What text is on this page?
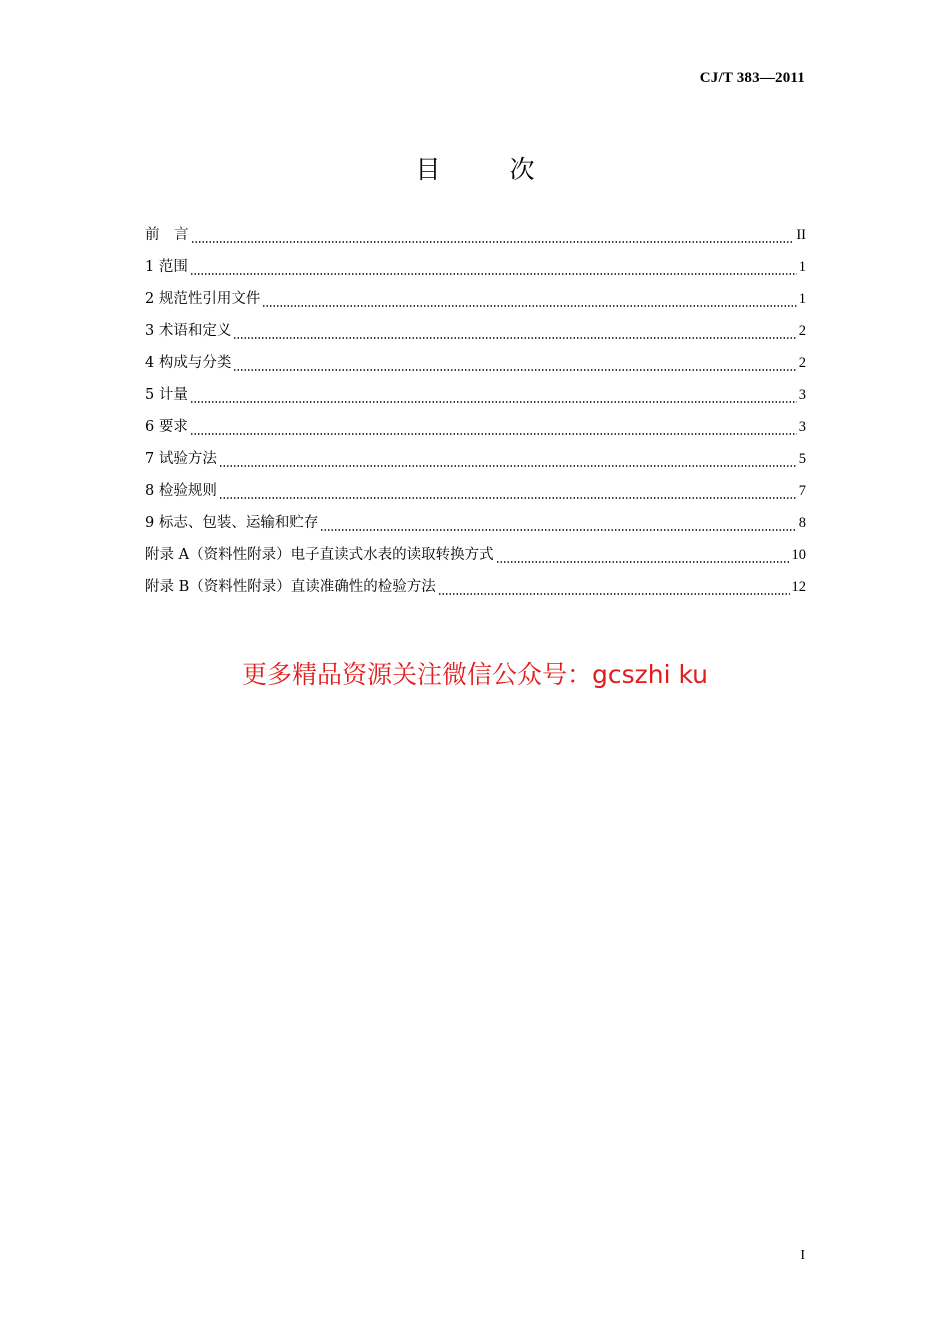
CJ/T 383—2011
目　次
前　言	II
1 范围	1
2 规范性引用文件	1
3 术语和定义	2
4 构成与分类	2
5 计量	3
6 要求	3
7 试验方法	5
8 检验规则	7
9 标志、包装、运输和贮存	8
附录 A（资料性附录）电子直读式水表的读取转换方式	10
附录 B（资料性附录）直读准确性的检验方法	12
更多精品资源关注微信公众号：gcszhi ku
I
